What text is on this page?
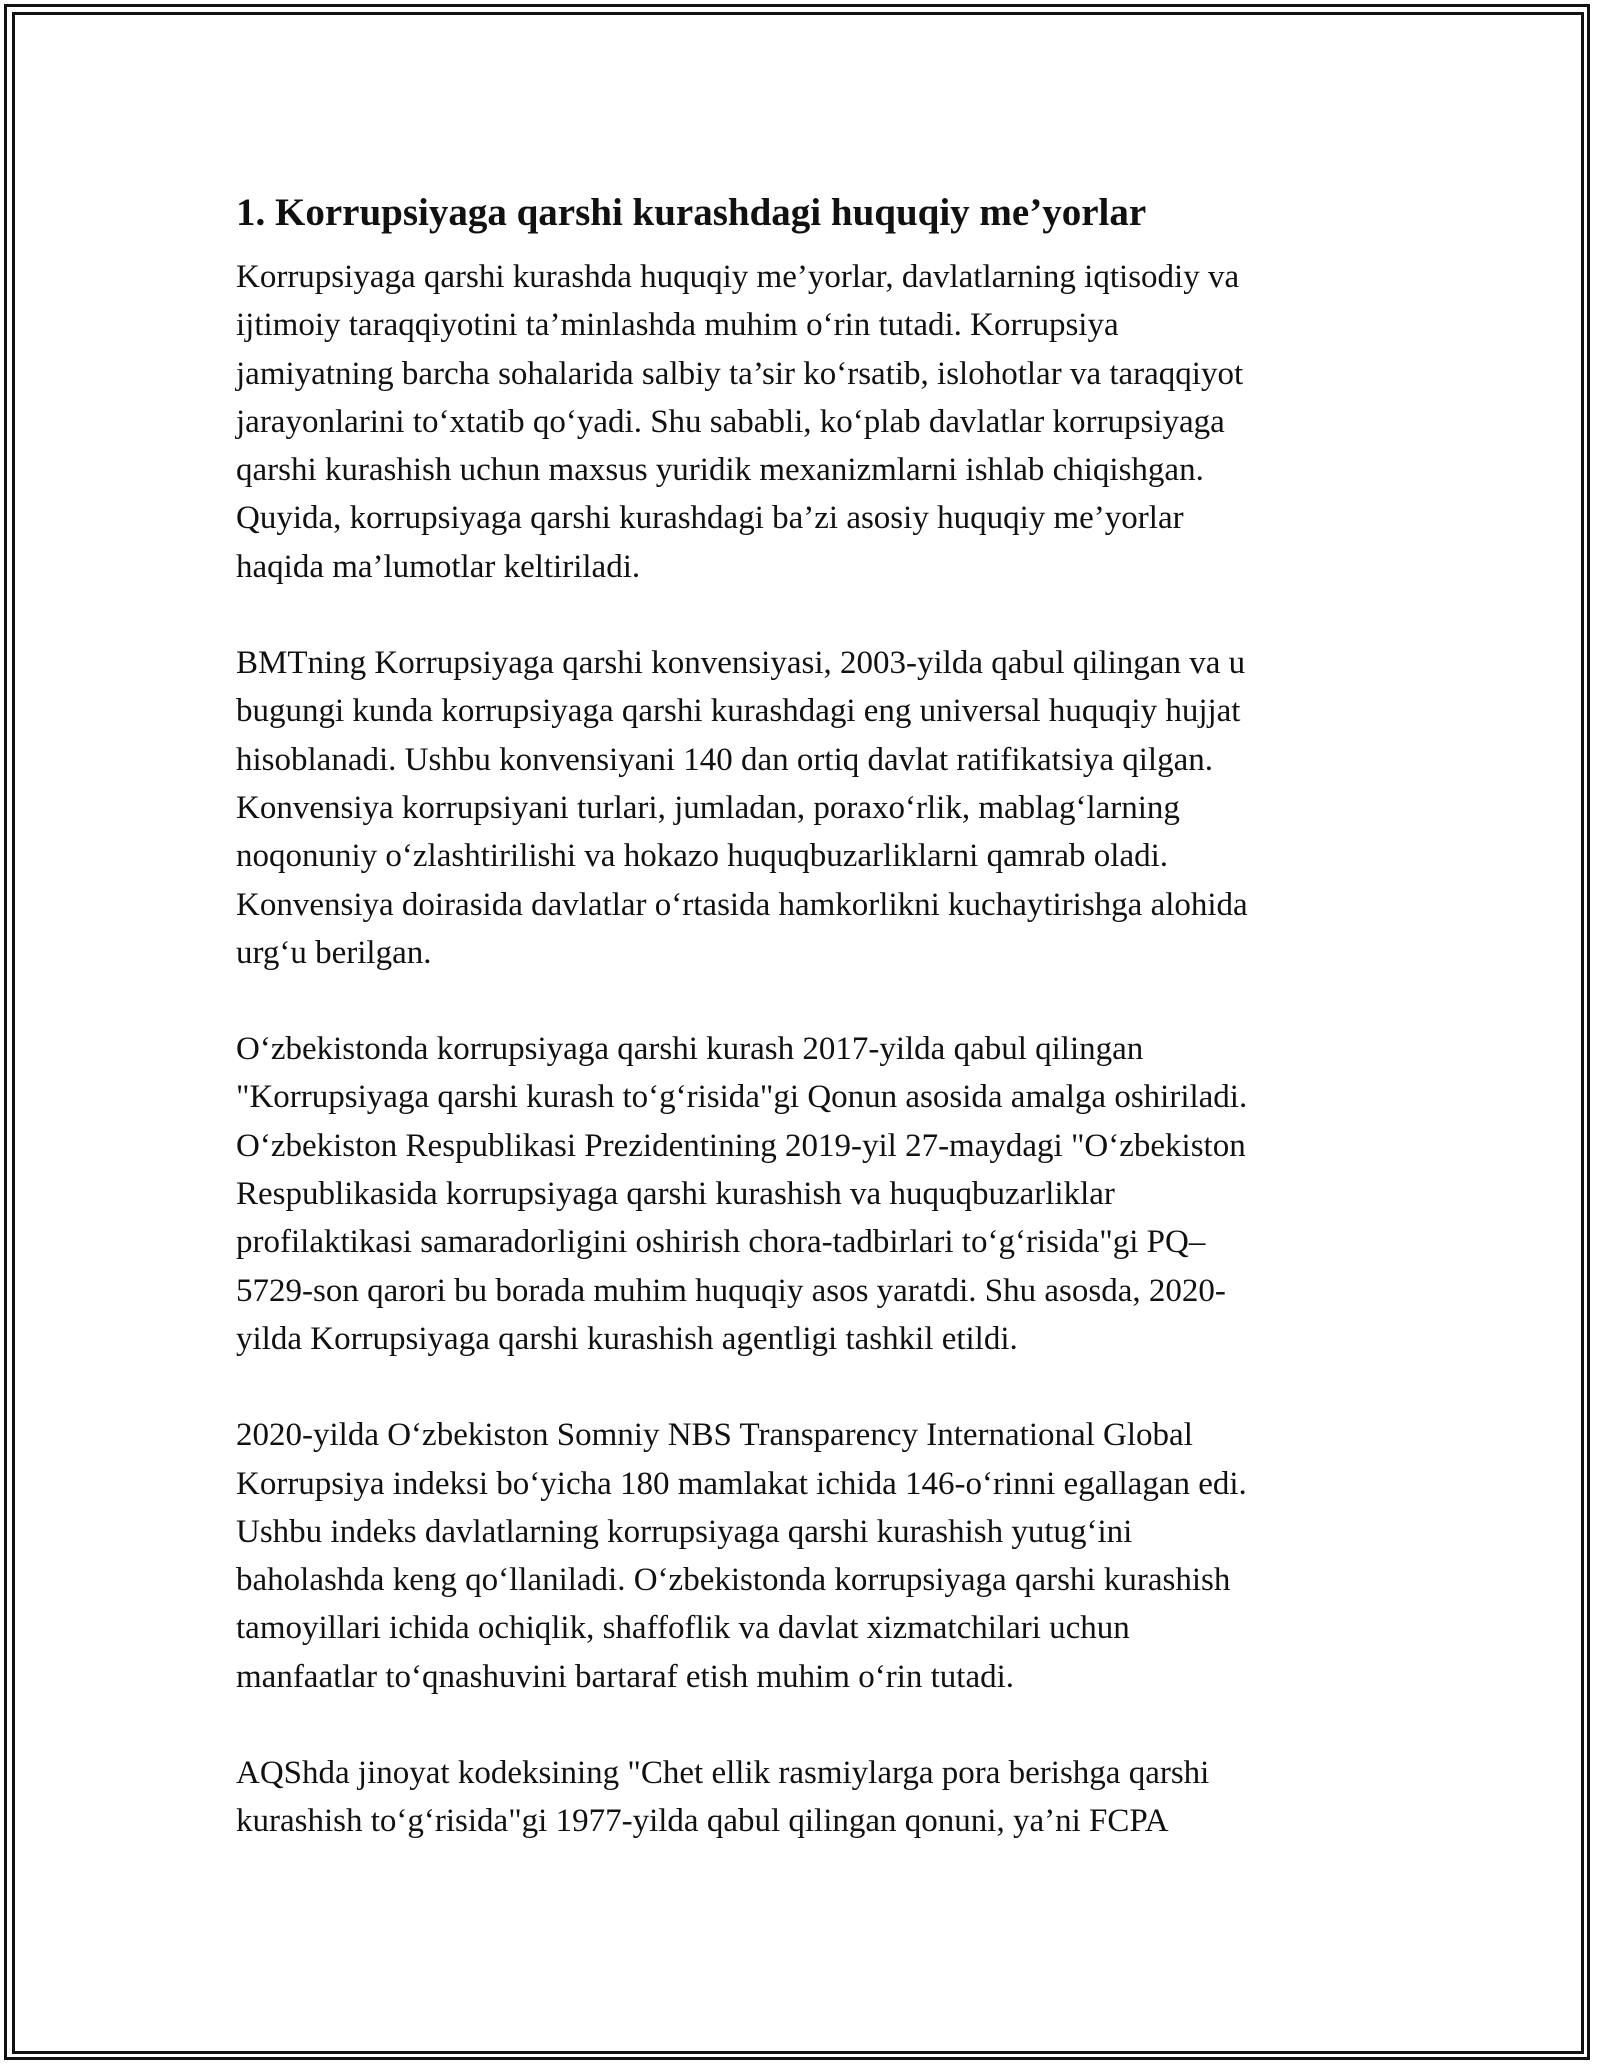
1. Korrupsiyaga qarshi kurashdagi huquqiy me’yorlar
Korrupsiyaga qarshi kurashda huquqiy me’yorlar, davlatlarning iqtisodiy va
ijtimoiy taraqqiyotini ta’minlashda muhim o‘rin tutadi. Korrupsiya
jamiyatning barcha sohalarida salbiy ta’sir ko‘rsatib, islohotlar va taraqqiyot
jarayonlarini to‘xtatib qo‘yadi. Shu sababli, ko‘plab davlatlar korrupsiyaga
qarshi kurashish uchun maxsus yuridik mexanizmlarni ishlab chiqishgan.
Quyida, korrupsiyaga qarshi kurashdagi ba’zi asosiy huquqiy me’yorlar
haqida ma’lumotlar keltiriladi.
BMTning Korrupsiyaga qarshi konvensiyasi, 2003-yilda qabul qilingan va u
bugungi kunda korrupsiyaga qarshi kurashdagi eng universal huquqiy hujjat
hisoblanadi. Ushbu konvensiyani 140 dan ortiq davlat ratifikatsiya qilgan.
Konvensiya korrupsiyani turlari, jumladan, poraxo‘rlik, mablag‘larning
noqonuniy o‘zlashtirilishi va hokazo huquqbuzarliklarni qamrab oladi.
Konvensiya doirasida davlatlar o‘rtasida hamkorlikni kuchaytirishga alohida
urg‘u berilgan.
O‘zbekistonda korrupsiyaga qarshi kurash 2017-yilda qabul qilingan
"Korrupsiyaga qarshi kurash to‘g‘risida"gi Qonun asosida amalga oshiriladi.
O‘zbekiston Respublikasi Prezidentining 2019-yil 27-maydagi "O‘zbekiston
Respublikasida korrupsiyaga qarshi kurashish va huquqbuzarliklar
profilaktikasi samaradorligini oshirish chora-tadbirlari to‘g‘risida"gi PQ–
5729-son qarori bu borada muhim huquqiy asos yaratdi. Shu asosda, 2020-
yilda Korrupsiyaga qarshi kurashish agentligi tashkil etildi.
2020-yilda O‘zbekiston Somniy NBS Transparency International Global
Korrupsiya indeksi bo‘yicha 180 mamlakat ichida 146-o‘rinni egallagan edi.
Ushbu indeks davlatlarning korrupsiyaga qarshi kurashish yutug‘ini
baholashda keng qo‘llaniladi. O‘zbekistonda korrupsiyaga qarshi kurashish
tamoyillari ichida ochiqlik, shaffoflik va davlat xizmatchilari uchun
manfaatlar to‘qnashuvini bartaraf etish muhim o‘rin tutadi.
AQShda jinoyat kodeksining "Chet ellik rasmiylarga pora berishga qarshi
kurashish to‘g‘risida"gi 1977-yilda qabul qilingan qonuni, ya’ni FCPA
